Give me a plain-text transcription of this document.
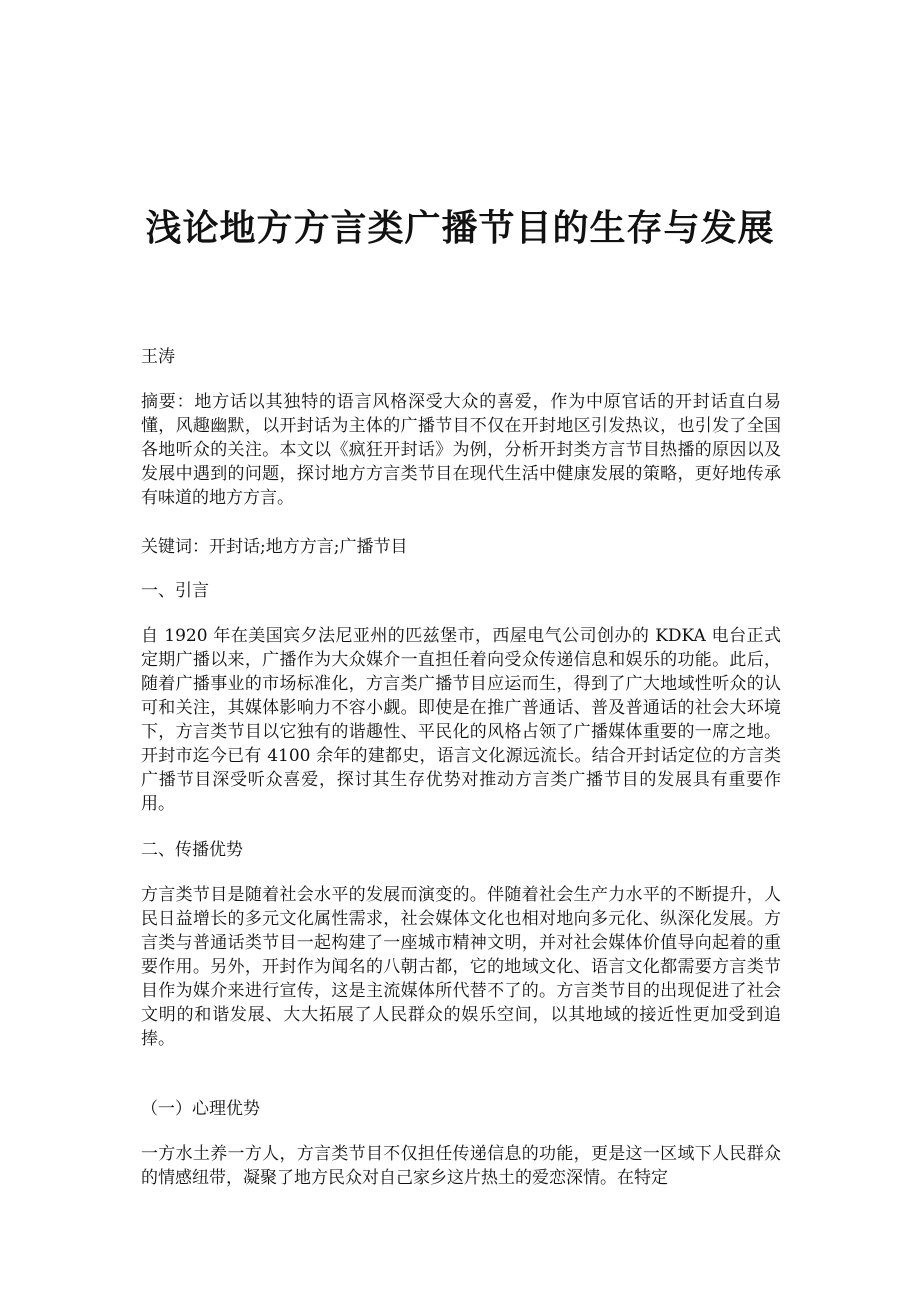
浅论地方方言类广播节目的生存与发展

王涛

摘要：地方话以其独特的语言风格深受大众的喜爱，作为中原官话的开封话直白易懂，风趣幽默，以开封话为主体的广播节目不仅在开封地区引发热议，也引发了全国各地听众的关注。本文以《疯狂开封话》为例，分析开封类方言节目热播的原因以及发展中遇到的问题，探讨地方方言类节目在现代生活中健康发展的策略，更好地传承有味道的地方方言。

关键词：开封话;地方方言;广播节目

一、引言

自 1920 年在美国宾夕法尼亚州的匹兹堡市，西屋电气公司创办的 KDKA 电台正式定期广播以来，广播作为大众媒介一直担任着向受众传递信息和娱乐的功能。此后，随着广播事业的市场标准化，方言类广播节目应运而生，得到了广大地域性听众的认可和关注，其媒体影响力不容小觑。即使是在推广普通话、普及普通话的社会大环境下，方言类节目以它独有的谐趣性、平民化的风格占领了广播媒体重要的一席之地。开封市迄今已有 4100 余年的建都史，语言文化源远流长。结合开封话定位的方言类广播节目深受听众喜爱，探讨其生存优势对推动方言类广播节目的发展具有重要作用。

二、传播优势

方言类节目是随着社会水平的发展而演变的。伴随着社会生产力水平的不断提升，人民日益增长的多元文化属性需求，社会媒体文化也相对地向多元化、纵深化发展。方言类与普通话类节目一起构建了一座城市精神文明，并对社会媒体价值导向起着的重要作用。另外，开封作为闻名的八朝古都，它的地域文化、语言文化都需要方言类节目作为媒介来进行宣传，这是主流媒体所代替不了的。方言类节目的出现促进了社会文明的和谐发展、大大拓展了人民群众的娱乐空间，以其地域的接近性更加受到追捧。

（一）心理优势

一方水土养一方人，方言类节目不仅担任传递信息的功能，更是这一区域下人民群众的情感纽带，凝聚了地方民众对自己家乡这片热土的爱恋深情。在特定
